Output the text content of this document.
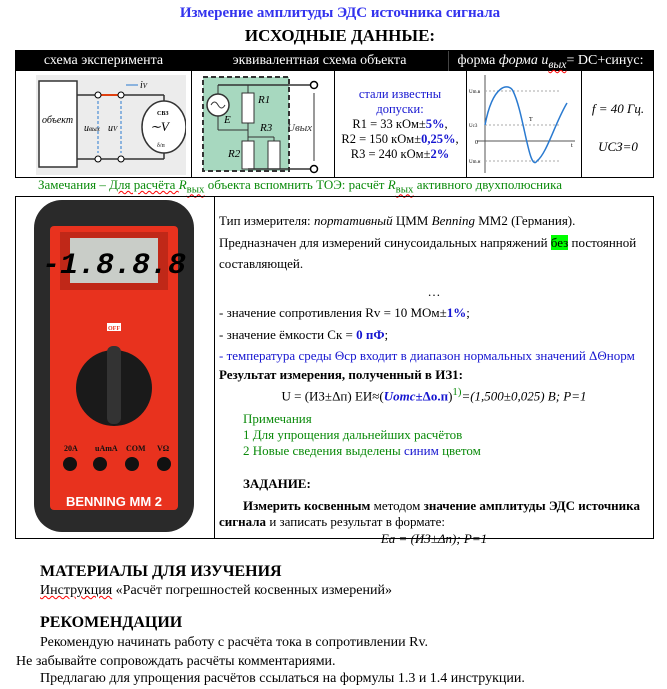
Измерение амплитуды ЭДС источника сигнала
ИСХОДНЫЕ ДАННЫЕ:
схема эксперимента	эквивалентная схема объекта	форма форма $u_{вых}=$ DC+синус:
объект
СВЗ
∼V
δ/п
iV
uвых uV
R1
R3
R2
E
Uвых
стали известны
допуски:
R1 = 33 кОм±5%,
R2 = 150 кОм±0,25%,
R3 = 240 кОм±2%
Um.в
Uс3
0
Um.н
T
t
f = 40 Гц.
UСЗ=0
Замечания – Для расчёта $R_{вых}$ объекта вспомнить ТОЭ: расчёт $R_{вых}$ активного двухполюсника
-1.8.8.8
OFF
20A uAmA COM VΩ
BENNING MM 2

Тип измерителя: портативный ЦММ Benning MM2 (Германия).

Предназначен для измерений синусоидальных напряжений без постоянной составляющей.

…

- значение сопротивления Rv = 10 МОм±1%;

- значение ёмкости Cк = 0 пФ;

- температура среды Θср входит в диапазон нормальных значений ΔΘнорм

Результат измерения, полученный в ИЗ1:

U = (ИЗ±Δп) ЕИ≈(Uотс±Δо.п)$^{1)}$=(1,500±0,025) В; P=1

Примечания

1 Для упрощения дальнейших расчётов

2 Новые сведения выделены синим цветом

ЗАДАНИЕ:

Измерить косвенным методом значение амплитуды ЭДС источника сигнала и записать результат в формате:

Eа = (ИЗ±Δп); P=1

МАТЕРИАЛЫ ДЛЯ ИЗУЧЕНИЯ
Инструкция «Расчёт погрешностей косвенных измерений»
РЕКОМЕНДАЦИИ
Рекомендую начинать работу с расчёта тока в сопротивлении Rv.
Не забывайте сопровождать расчёты комментариями.
Предлагаю для упрощения расчётов ссылаться на формулы 1.3 и 1.4 инструкции.
